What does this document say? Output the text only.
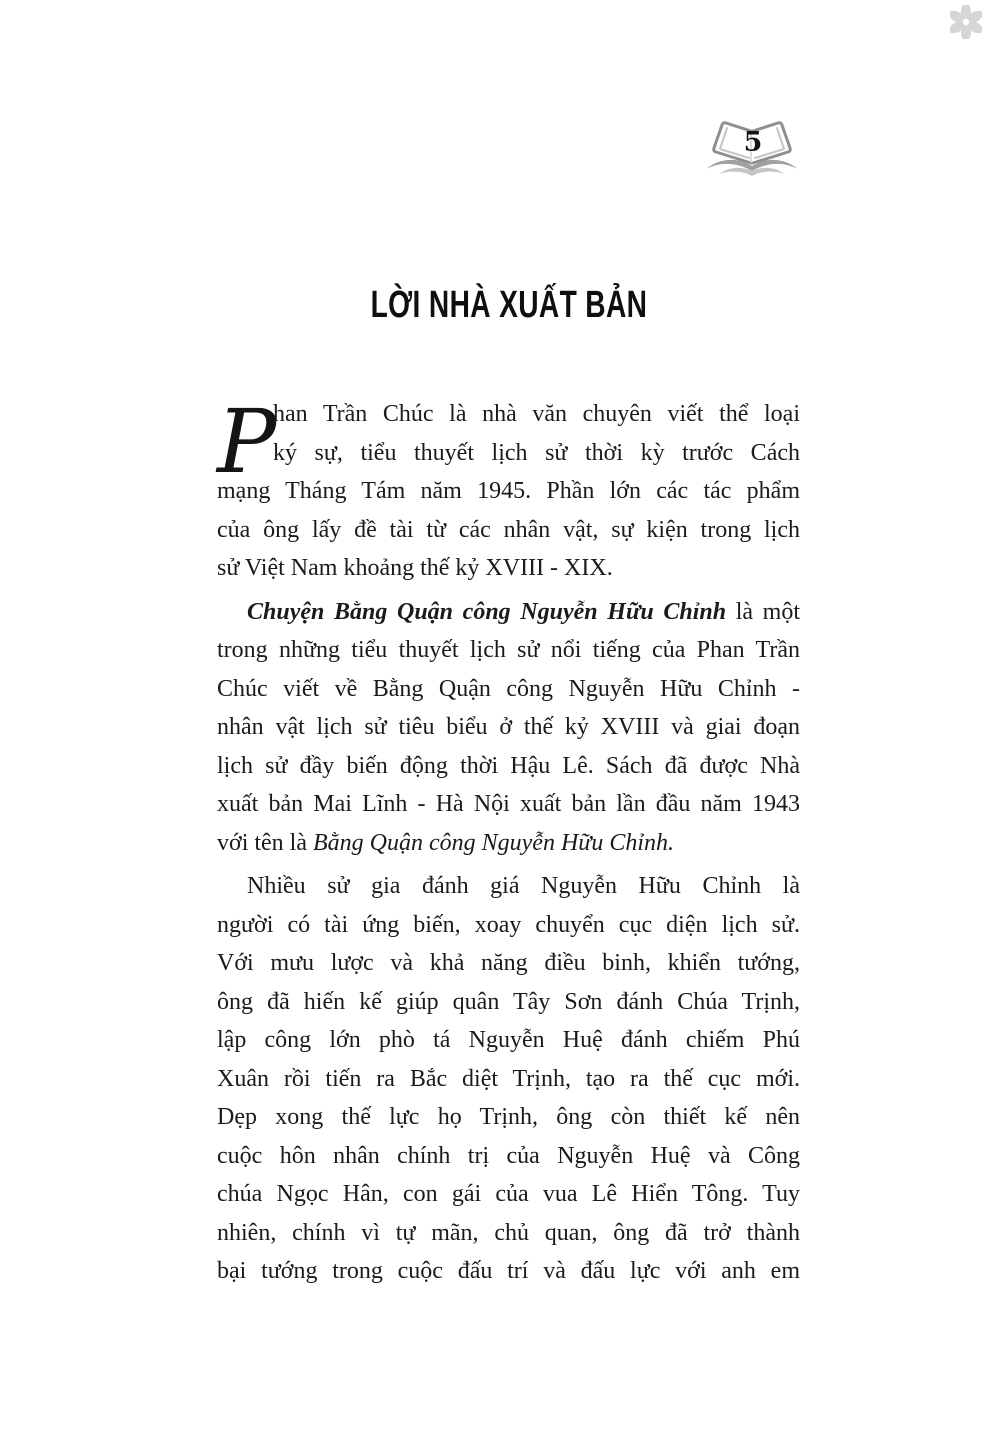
5
LỜI NHÀ XUẤT BẢN
P
han Trần Chúc là nhà văn chuyên viết thể loại
ký sự, tiểu thuyết lịch sử thời kỳ trước Cách
mạng Tháng Tám năm 1945. Phần lớn các tác phẩm
của ông lấy đề tài từ các nhân vật, sự kiện trong lịch
sử Việt Nam khoảng thế kỷ XVIII - XIX.
Chuyện Bằng Quận công Nguyễn Hữu Chỉnh là một
trong những tiểu thuyết lịch sử nổi tiếng của Phan Trần
Chúc viết về Bằng Quận công Nguyễn Hữu Chỉnh -
nhân vật lịch sử tiêu biểu ở thế kỷ XVIII và giai đoạn
lịch sử đầy biến động thời Hậu Lê. Sách đã được Nhà
xuất bản Mai Lĩnh - Hà Nội xuất bản lần đầu năm 1943
với tên là Bằng Quận công Nguyễn Hữu Chỉnh.
Nhiều sử gia đánh giá Nguyễn Hữu Chỉnh là
người có tài ứng biến, xoay chuyển cục diện lịch sử.
Với mưu lược và khả năng điều binh, khiển tướng,
ông đã hiến kế giúp quân Tây Sơn đánh Chúa Trịnh,
lập công lớn phò tá Nguyễn Huệ đánh chiếm Phú
Xuân rồi tiến ra Bắc diệt Trịnh, tạo ra thế cục mới.
Dẹp xong thế lực họ Trịnh, ông còn thiết kế nên
cuộc hôn nhân chính trị của Nguyễn Huệ và Công
chúa Ngọc Hân, con gái của vua Lê Hiển Tông. Tuy
nhiên, chính vì tự mãn, chủ quan, ông đã trở thành
bại tướng trong cuộc đấu trí và đấu lực với anh em
